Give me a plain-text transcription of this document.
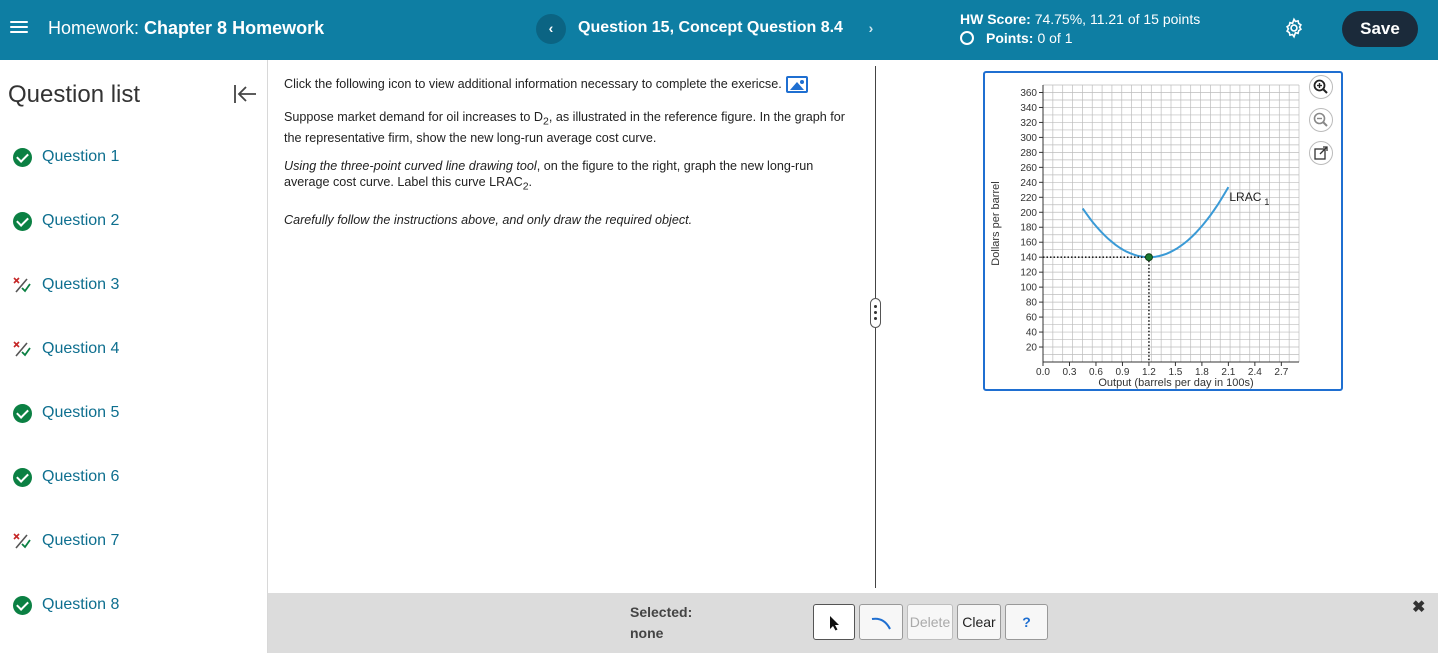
Homework: Chapter 8 Homework	‹	Question 15, Concept Question 8.4	›
HW Score: 74.75%, 11.21 of 15 points
Points: 0 of 1	Save
Question list
Question 1
Question 2
Question 3
Question 4
Question 5
Question 6
Question 7
Question 8

Click the following icon to view additional information necessary to complete the exericse.

Suppose market demand for oil increases to $D_2$, as illustrated in the reference figure. In the graph for the representative firm, show the new long-run average cost curve.

Using the three-point curved line drawing tool, on the figure to the right, graph the new long-run average cost curve. Label this curve $LRAC_2$.

Carefully follow the instructions above, and only draw the required object.

20
40
60
80
100
120
140
160
180
200
220
240
260
280
300
320
340
360
0.0 0.3 0.6 0.9 1.2 1.5 1.8 2.1 2.4 2.7
Output (barrels per day in 100s)
Dollars per barrel	LRAC 1
Selected:
none
Delete Clear	?
✖
